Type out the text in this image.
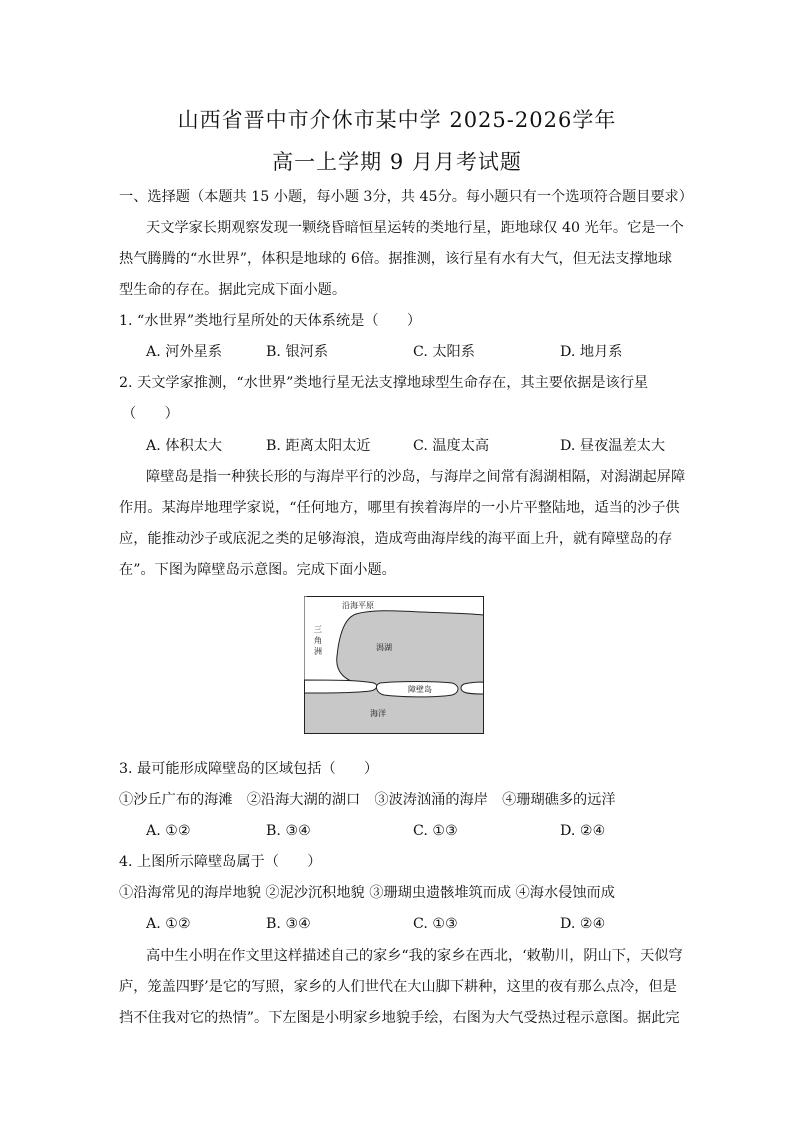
山西省晋中市介休市某中学 2025-2026学年
高一上学期 9 月月考试题
一、选择题（本题共 15 小题，每小题 3分，共 45分。每小题只有一个选项符合题目要求）
天文学家长期观察发现一颗绕昏暗恒星运转的类地行星，距地球仅 40 光年。它是一个
热气腾腾的“水世界”，体积是地球的 6倍。据推测，该行星有水有大气，但无法支撑地球
型生命的存在。据此完成下面小题。
1. “水世界”类地行星所处的天体系统是（　　）
A. 河外星系	B. 银河系	C. 太阳系	D. 地月系
2. 天文学家推测，“水世界”类地行星无法支撑地球型生命存在，其主要依据是该行星
（　　）
A. 体积太大	B. 距离太阳太近	C. 温度太高	D. 昼夜温差太大
障壁岛是指一种狭长形的与海岸平行的沙岛，与海岸之间常有潟湖相隔，对潟湖起屏障
作用。某海岸地理学家说，“任何地方，哪里有挨着海岸的一小片平整陆地，适当的沙子供
应，能推动沙子或底泥之类的足够海浪，造成弯曲海岸线的海平面上升，就有障壁岛的存
在”。下图为障壁岛示意图。完成下面小题。
沿海平原
三
角
洲	潟湖
障壁岛
海洋
3. 最可能形成障壁岛的区域包括（　　）
①沙丘广布的海滩　②沿海大湖的湖口　③波涛汹涌的海岸　④珊瑚礁多的远洋
A. ①②	B. ③④	C. ①③	D. ②④
4. 上图所示障壁岛属于（　　）
①沿海常见的海岸地貌 ②泥沙沉积地貌 ③珊瑚虫遗骸堆筑而成 ④海水侵蚀而成
A. ①②	B. ③④	C. ①③	D. ②④
高中生小明在作文里这样描述自己的家乡“我的家乡在西北，‘敕勒川，阴山下，天似穹
庐，笼盖四野’是它的写照，家乡的人们世代在大山脚下耕种，这里的夜有那么点冷，但是
挡不住我对它的热情”。下左图是小明家乡地貌手绘，右图为大气受热过程示意图。据此完
